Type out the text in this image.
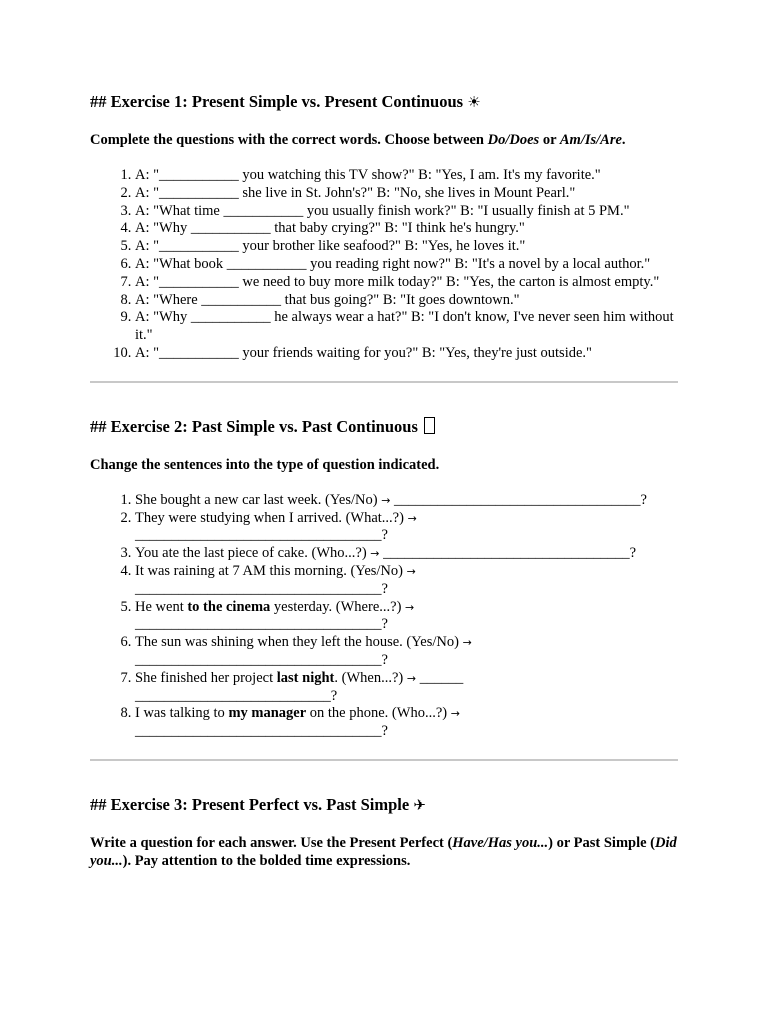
## Exercise 1: Present Simple vs. Present Continuous ☀

Complete the questions with the correct words. Choose between Do/Does or Am/Is/Are.

1. A: "___________ you watching this TV show?" B: "Yes, I am. It's my favorite."
2. A: "___________ she live in St. John's?" B: "No, she lives in Mount Pearl."
3. A: "What time ___________ you usually finish work?" B: "I usually finish at 5 PM."
4. A: "Why ___________ that baby crying?" B: "I think he's hungry."
5. A: "___________ your brother like seafood?" B: "Yes, he loves it."
6. A: "What book ___________ you reading right now?" B: "It's a novel by a local author."
7. A: "___________ we need to buy more milk today?" B: "Yes, the carton is almost empty."
8. A: "Where ___________ that bus going?" B: "It goes downtown."
9. A: "Why ___________ he always wear a hat?" B: "I don't know, I've never seen him without it."
10. A: "___________ your friends waiting for you?" B: "Yes, they're just outside."
## Exercise 2: Past Simple vs. Past Continuous

Change the sentences into the type of question indicated.

1. She bought a new car last week. (Yes/No) → __________________________________?
2. They were studying when I arrived. (What...?) →
__________________________________?
3. You ate the last piece of cake. (Who...?) → __________________________________?
4. It was raining at 7 AM this morning. (Yes/No) →
__________________________________?
5. He went to the cinema yesterday. (Where...?) →
__________________________________?
6. The sun was shining when they left the house. (Yes/No) →
__________________________________?
7. She finished her project last night. (When...?) → ______
___________________________?
8. I was talking to my manager on the phone. (Who...?) →
__________________________________?
## Exercise 3: Present Perfect vs. Past Simple ✈

Write a question for each answer. Use the Present Perfect (Have/Has you...) or Past Simple (Did you...). Pay attention to the bolded time expressions.
